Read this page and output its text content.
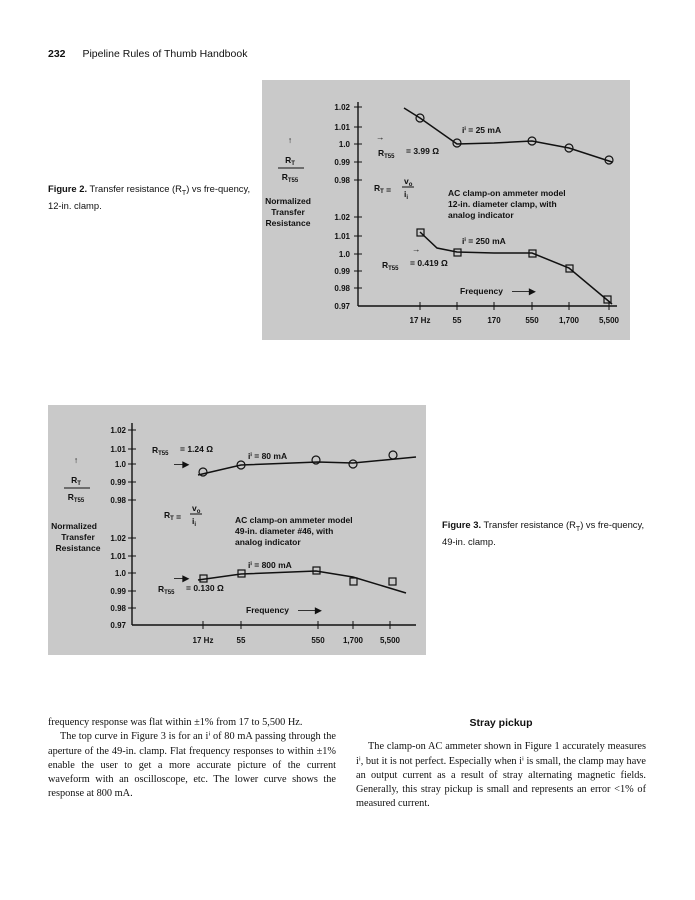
232 Pipeline Rules of Thumb Handbook
Figure 2. Transfer resistance $(R_T)$ vs fre-quency, 12-in. clamp.
↑
$R_T$
$R_{T55}$
Normalized
Transfer
Resistance
1.02
1.01
1.0
0.99
0.98
1.02
1.01
1.0
0.99
0.98
0.97
17 Hz	55	170	550	1,700 5,500
iⁱ = 25 mA
iⁱ = 250 mA
→
$R_{T55}$
= 3.99 Ω
→
$R_{T55}$
= 0.419 Ω
$R_T$ =
$v_o$
$i_i$	AC clamp-on ammeter model
12-in. diameter clamp, with
analog indicator
Frequency ——▶
↑
$R_T$
$R_{T55}$
Normalized
Transfer
Resistance
1.02
1.01
1.0
0.99
0.98
1.02
1.01
1.0
0.99
0.98
0.97
17 Hz	55	550 1,700 5,500
iⁱ = 80 mA
iⁱ = 800 mA
$R_{T55} = 1.24$ Ω
—▶
—▶
$R_{T55} = 0.130$ Ω
$R_T$ =
$v_o$
$i_i$	AC clamp-on ammeter model
49-in. diameter #46, with
analog indicator
Frequency ——▶
Figure 3. Transfer resistance $(R_T)$ vs fre-quency, 49-in. clamp.

frequency response was flat within ±1% from 17 to 5,500 Hz.

The top curve in Figure 3 is for an iⁱ of 80 mA passing through the aperture of the 49-in. clamp. Flat frequency responses to within ±1% enable the user to get a more accurate picture of the current waveform with an oscilloscope, etc. The lower curve shows the response at 800 mA.

Stray pickup

The clamp-on AC ammeter shown in Figure 1 accurately measures iⁱ, but it is not perfect. Especially when iⁱ is small, the clamp may have an output current as a result of stray alternating magnetic fields. Generally, this stray pickup is small and represents an error <1% of measured current.
